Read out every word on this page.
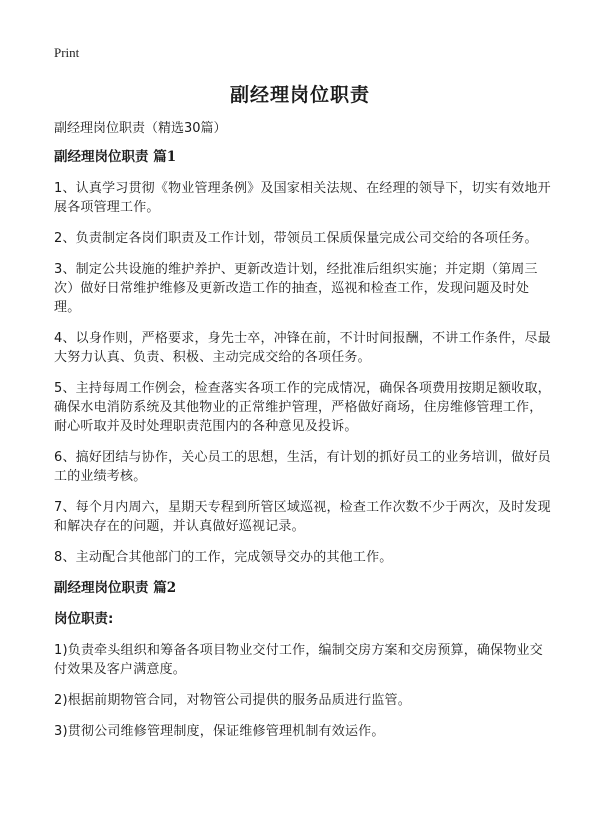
Print
副经理岗位职责

副经理岗位职责（精选30篇）

副经理岗位职责 篇1

1、认真学习贯彻《物业管理条例》及国家相关法规、在经理的领导下，切实有效地开展各项管理工作。

2、负责制定各岗们职责及工作计划，带领员工保质保量完成公司交给的各项任务。

3、制定公共设施的维护养护、更新改造计划，经批准后组织实施；并定期（第周三次）做好日常维护维修及更新改造工作的抽查，巡视和检查工作，发现问题及时处理。

4、以身作则，严格要求，身先士卒，冲锋在前，不计时间报酬，不讲工作条件，尽最大努力认真、负责、积极、主动完成交给的各项任务。

5、主持每周工作例会，检查落实各项工作的完成情况，确保各项费用按期足额收取，确保水电消防系统及其他物业的正常维护管理，严格做好商场，住房维修管理工作，耐心听取并及时处理职责范围内的各种意见及投诉。

6、搞好团结与协作，关心员工的思想，生活，有计划的抓好员工的业务培训，做好员工的业绩考核。

7、每个月内周六，星期天专程到所管区域巡视，检查工作次数不少于两次，及时发现和解决存在的问题，并认真做好巡视记录。

8、主动配合其他部门的工作，完成领导交办的其他工作。

副经理岗位职责 篇2

岗位职责:

1)负责牵头组织和筹备各项目物业交付工作，编制交房方案和交房预算，确保物业交付效果及客户满意度。

2)根据前期物管合同，对物管公司提供的服务品质进行监管。

3)贯彻公司维修管理制度，保证维修管理机制有效运作。
